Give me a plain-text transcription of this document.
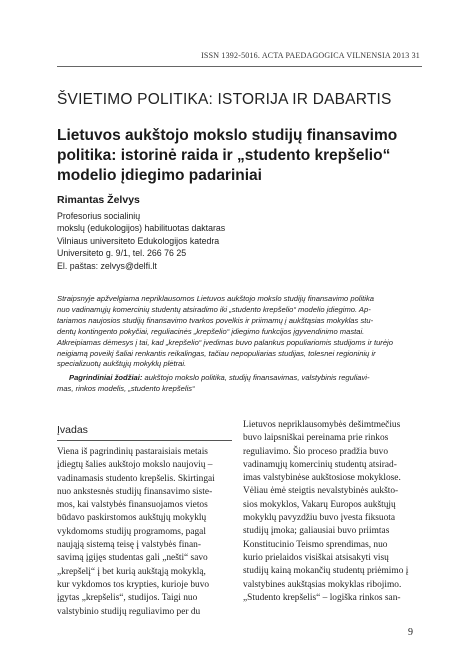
ISSN 1392-5016. ACTA PAEDAGOGICA VILNENSIA 2013 31
ŠVIETIMO POLITIKA: ISTORIJA IR DABARTIS
Lietuvos aukštojo mokslo studijų finansavimo
politika: istorinė raida ir „studento krepšelio“
modelio įdiegimo padariniai
Rimantas Želvys
Profesorius socialinių
mokslų (edukologijos) habilituotas daktaras
Vilniaus universiteto Edukologijos katedra
Universiteto g. 9/1, tel. 266 76 25
El. paštas: zelvys@delfi.lt
Straipsnyje apžvelgiama nepriklausomos Lietuvos aukštojo mokslo studijų finansavimo politika
nuo vadinamųjų komercinių studentų atsiradimo iki „studento krepšelio“ modelio įdiegimo. Ap-
tariamos naujosios studijų finansavimo tvarkos povelkis ir priimamų į aukštąsias mokyklas stu-
dentų kontingento pokyčiai, reguliacinės „krepšelio“ įdiegimo funkcijos įgyvendinimo mastai.
Atkreipiamas dėmesys į tai, kad „krepšelio“ įvedimas buvo palankus populiariomis studijoms ir turėjo
neigiamą poveikį šaliai renkantis reikalingas, tačiau nepopuliarias studijas, tolesnei regioninių ir
specializuotų aukštųjų mokyklų plėtrai.
Pagrindiniai žodžiai: aukštojo mokslo politika, studijų finansavimas, valstybinis reguliavi-
mas, rinkos modelis, „studento krepšelis“
Įvadas
Viena iš pagrindinių pastaraisiais metais
įdiegtų šalies aukštojo mokslo naujovių –
vadinamasis studento krepšelis. Skirtingai
nuo ankstesnės studijų finansavimo siste-
mos, kai valstybės finansuojamos vietos
būdavo paskirstomos aukštųjų mokyklų
vykdomoms studijų programoms, pagal
naująją sistemą teisę į valstybės finan-
savimą įgijęs studentas gali „nešti“ savo
„krepšelį“ į bet kurią aukštąją mokyklą,
kur vykdomos tos krypties, kurioje buvo
įgytas „krepšelis“, studijos. Taigi nuo
valstybinio studijų reguliavimo per du
Lietuvos nepriklausomybės dešimtmečius
buvo laipsniškai pereinama prie rinkos
reguliavimo. Šio proceso pradžia buvo
vadinamųjų komercinių studentų atsirad-
imas valstybinėse aukštosiose mokyklose.
Vėliau ėmė steigtis nevalstybinės aukšto-
sios mokyklos, Vakarų Europos aukštųjų
mokyklų pavyzdžiu buvo įvesta fiksuota
studijų įmoka; galiausiai buvo priimtas
Konstitucinio Teismo sprendimas, nuo
kurio prielaidos visiškai atsisakyti visų
studijų kainą mokančių studentų priėmimo į
valstybines aukštąsias mokyklas ribojimo.
„Studento krepšelis“ – logiška rinkos san-
9
